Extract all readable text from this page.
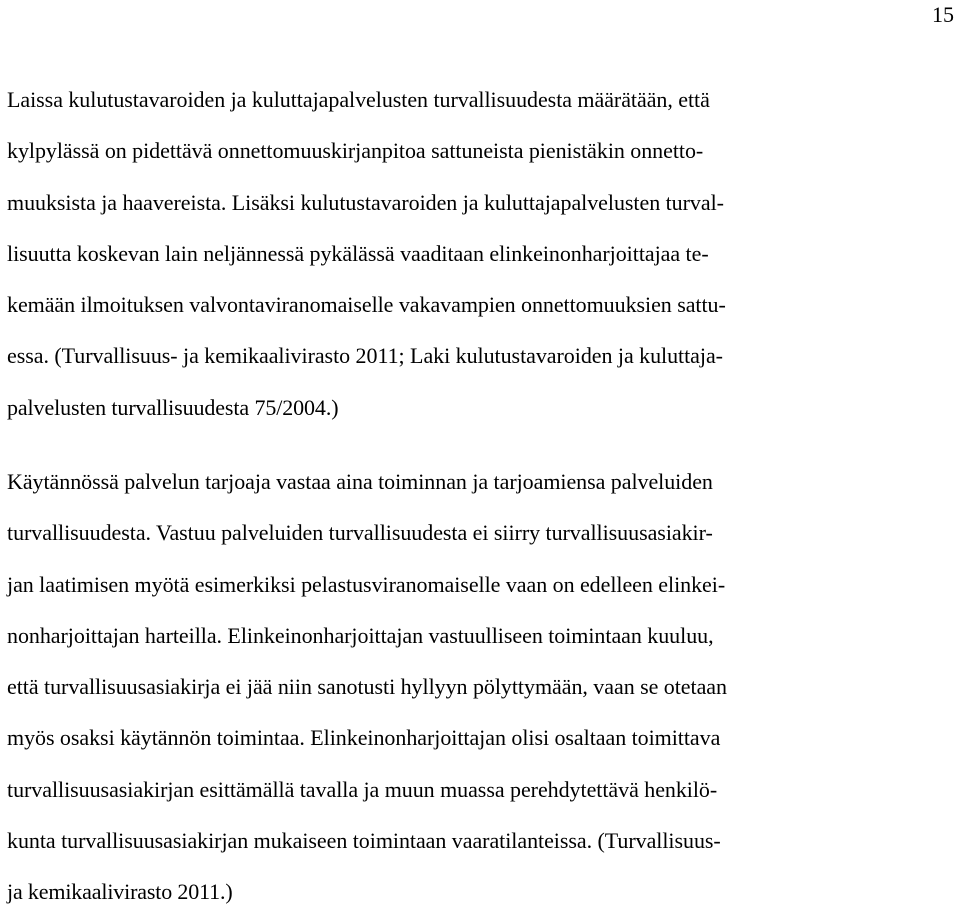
15
Laissa kulutustavaroiden ja kuluttajapalvelusten turvallisuudesta määrätään, että
kylpylässä on pidettävä onnettomuuskirjanpitoa sattuneista pienistäkin onnetto-
muuksista ja haavereista. Lisäksi kulutustavaroiden ja kuluttajapalvelusten turval-
lisuutta koskevan lain neljännessä pykälässä vaaditaan elinkeinonharjoittajaa te-
kemään ilmoituksen valvontaviranomaiselle vakavampien onnettomuuksien sattu-
essa. (Turvallisuus- ja kemikaalivirasto 2011; Laki kulutustavaroiden ja kuluttaja-
palvelusten turvallisuudesta 75/2004.)
Käytännössä palvelun tarjoaja vastaa aina toiminnan ja tarjoamiensa palveluiden
turvallisuudesta. Vastuu palveluiden turvallisuudesta ei siirry turvallisuusasiakir-
jan laatimisen myötä esimerkiksi pelastusviranomaiselle vaan on edelleen elinkei-
nonharjoittajan harteilla. Elinkeinonharjoittajan vastuulliseen toimintaan kuuluu,
että turvallisuusasiakirja ei jää niin sanotusti hyllyyn pölyttymään, vaan se otetaan
myös osaksi käytännön toimintaa. Elinkeinonharjoittajan olisi osaltaan toimittava
turvallisuusasiakirjan esittämällä tavalla ja muun muassa perehdytettävä henkilö-
kunta turvallisuusasiakirjan mukaiseen toimintaan vaaratilanteissa. (Turvallisuus-
ja kemikaalivirasto 2011.)
